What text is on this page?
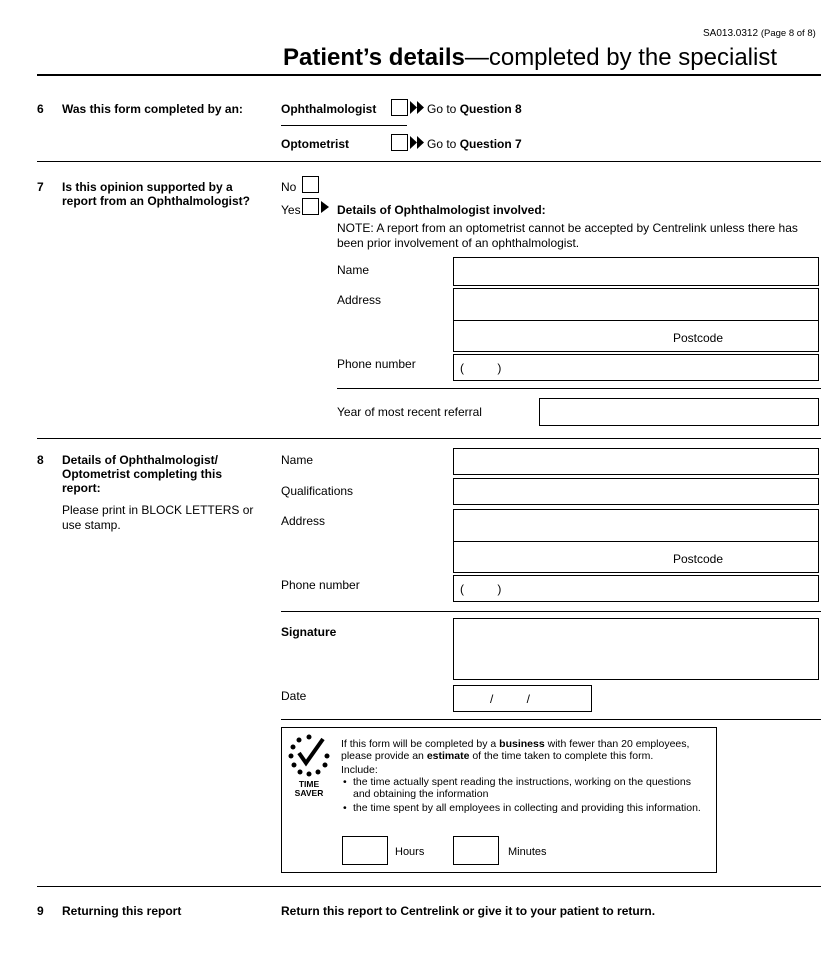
SA013.0312 (Page 8 of 8)
Patient’s details—completed by the specialist
6 Was this form completed by an:	Ophthalmologist	Go to Question 8
Optometrist	Go to Question 7
7 Is this opinion supported by a
report from an Ophthalmologist?
No
Yes	Details of Ophthalmologist involved:
NOTE: A report from an optometrist cannot be accepted by Centrelink unless there has
been prior involvement of an ophthalmologist.
Name
Address
Postcode
Phone number	(          )
Year of most recent referral
8 Details of Ophthalmologist/
Optometrist completing this
report:
Please print in BLOCK LETTERS or
use stamp.
Name
Qualifications
Address
Postcode
Phone number	(          )
Signature
Date	/          /
TIME
SAVER
If this form will be completed by a business with fewer than 20 employees,
please provide an estimate of the time taken to complete this form.
Include:
• the time actually spent reading the instructions, working on the questions
and obtaining the information
• the time spent by all employees in collecting and providing this information.
Hours	Minutes
9 Returning this report	Return this report to Centrelink or give it to your patient to return.
